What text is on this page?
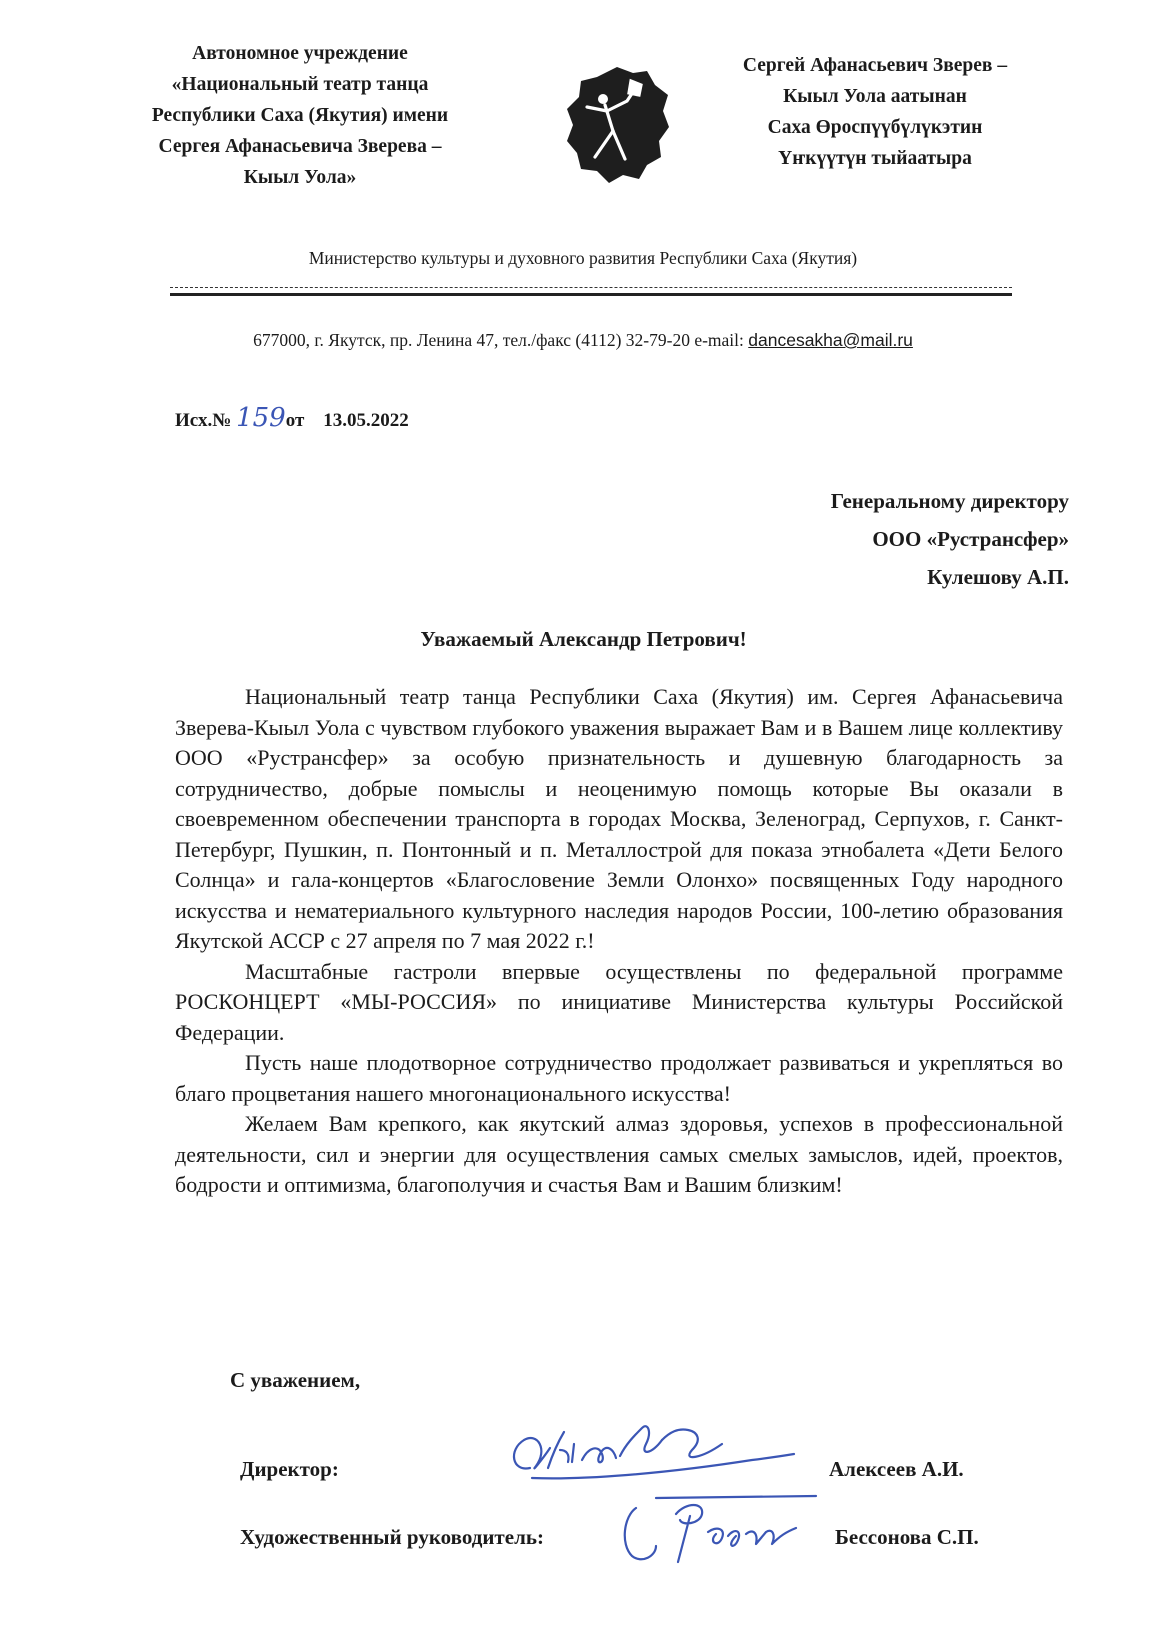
Автономное учреждение
«Национальный театр танца
Республики Саха (Якутия) имени
Сергея Афанасьевича Зверева –
Кыыл Уола»
Сергей Афанасьевич Зверев –
Кыыл Уола аатынан
Саха Өроспүүбүлүкэтин
Үҥкүүтүн тыйаатыра
Министерство культуры и духовного развития Республики Саха (Якутия)
677000, г. Якутск, пр. Ленина 47, тел./факс (4112) 32-79-20 e-mail: dancesakha@mail.ru
Исх.№ 159от 13.05.2022
Генеральному директору
ООО «Рустрансфер»
Кулешову А.П.
Уважаемый Александр Петрович!

Национальный театр танца Республики Саха (Якутия) им. Сергея Афанасьевича Зверева-Кыыл Уола с чувством глубокого уважения выражает Вам и в Вашем лице коллективу ООО «Рустрансфер» за особую признательность и душевную благодарность за сотрудничество, добрые помыслы и неоценимую помощь которые Вы оказали в своевременном обеспечении транспорта в городах Москва, Зеленоград, Серпухов, г. Санкт-Петербург, Пушкин, п. Понтонный и п. Металлострой для показа этнобалета «Дети Белого Солнца» и гала-концертов «Благословение Земли Олонхо» посвященных Году народного искусства и нематериального культурного наследия народов России, 100-летию образования Якутской АССР с 27 апреля по 7 мая 2022 г.!

Масштабные гастроли впервые осуществлены по федеральной программе РОСКОНЦЕРТ «МЫ-РОССИЯ» по инициативе Министерства культуры Российской Федерации.

Пусть наше плодотворное сотрудничество продолжает развиваться и укрепляться во благо процветания нашего многонационального искусства!

Желаем Вам крепкого, как якутский алмаз здоровья, успехов в профессиональной деятельности, сил и энергии для осуществления самых смелых замыслов, идей, проектов, бодрости и оптимизма, благополучия и счастья Вам и Вашим близким!

С уважением,
Директор:	Алексеев А.И.
Художественный руководитель:	Бессонова С.П.
